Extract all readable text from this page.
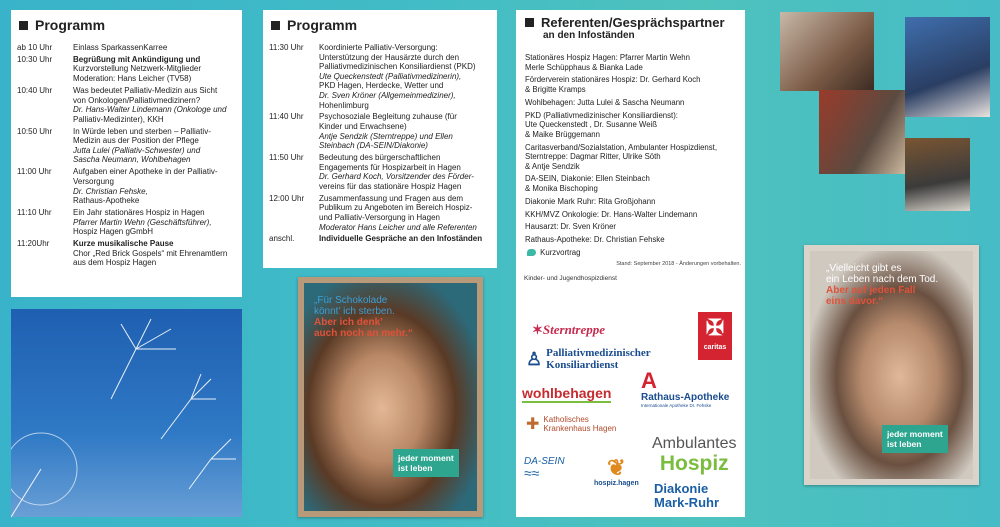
Programm
ab 10 Uhr	Einlass SparkassenKarree
10:30 Uhr	Begrüßung mit Ankündigung und
Kurzvorstellung Netzwerk-Mitglieder
Moderation: Hans Leicher (TV58)
10:40 Uhr	Was bedeutet Palliativ-Medizin aus Sicht
von Onkologen/Palliativmedizinern?
Dr. Hans-Walter Lindemann (Onkologe und
Palliativ-Medizinter), KKH
10:50 Uhr	In Würde leben und sterben – Palliativ-
Medizin aus der Position der Pflege
Jutta Lulei (Palliativ-Schwester) und
Sascha Neumann, Wohlbehagen
11:00 Uhr	Aufgaben einer Apotheke in der Palliativ-
Versorgung
Dr. Christian Fehske,
Rathaus-Apotheke
11:10 Uhr	Ein Jahr stationäres Hospiz in Hagen
Pfarrer Martin Wehn (Geschäftsführer),
Hospiz Hagen gGmbH
11:20Uhr	Kurze musikalische Pause
Chor „Red Brick Gospels“ mit Ehrenamtlern
aus dem Hospiz Hagen
Programm
11:30 Uhr	Koordinierte Palliativ-Versorgung:
Unterstützung der Hausärzte durch den
Palliativmedizinischen Konsiliardienst (PKD)
Ute Queckenstedt (Palliativmedizinerin),
PKD Hagen, Herdecke, Wetter und
Dr. Sven Kröner (Allgemeinmediziner),
Hohenlimburg
11:40 Uhr	Psychosoziale Begleitung zuhause (für
Kinder und Erwachsene)
Antje Sendzik (Sterntreppe) und Ellen
Steinbach (DA-SEIN/Diakonie)
11:50 Uhr	Bedeutung des bürgerschaftlichen
Engagements für Hospizarbeit in Hagen
Dr. Gerhard Koch, Vorsitzender des Förder-
vereins für das stationäre Hospiz Hagen
12:00 Uhr	Zusammenfassung und Fragen aus dem
Publikum zu Angeboten im Bereich Hospiz-
und Palliativ-Versorgung in Hagen
Moderator Hans Leicher und alle Referenten
anschl.	Individuelle Gespräche an den Infoständen
Referenten/Gesprächspartner
an den Infoständen
Stationäres Hospiz Hagen: Pfarrer Martin Wehn
Merle Schüpphaus & Bianka Lade
Förderverein stationäres Hospiz: Dr. Gerhard Koch
& Brigitte Kramps
Wohlbehagen: Jutta Lulei & Sascha Neumann
PKD (Palliativmedizinischer Konsiliardienst):
Ute Queckenstedt , Dr. Susanne Weiß
& Maike Brüggemann
Caritasverband/Sozialstation, Ambulanter Hospizdienst,
Sterntreppe: Dagmar Ritter, Ulrike Söth
& Antje Sendzik
DA-SEIN, Diakonie: Ellen Steinbach
& Monika Bischoping
Diakonie Mark Ruhr: Rita Großjohann
KKH/MVZ Onkologie: Dr. Hans-Walter Lindemann
Hausarzt: Dr. Sven Kröner
Rathaus-Apotheke: Dr. Christian Fehske
Kurzvortrag
Stand: September 2018 - Änderungen vorbehalten.
Kinder- und Jugendhospizdienst
✶Sterntreppe	✠
caritas
♙ Palliativmedizinischer
Konsiliardienst
wohlbehagen A
Rathaus-Apotheke
Internationale Apotheke Dr. Fehske
✚ Katholisches
Krankenhaus Hagen
Ambulantes
Hospiz
DA-SEIN
≈≈	❦
hospiz.hagen Diakonie
Mark-Ruhr
„Für Schokolade
könnt’ ich sterben.
Aber ich denk’
auch noch an mehr.“
jeder moment
ist leben
„Vielleicht gibt es
ein Leben nach dem Tod.
Aber auf jeden Fall
eins davor.“
jeder moment
ist leben
